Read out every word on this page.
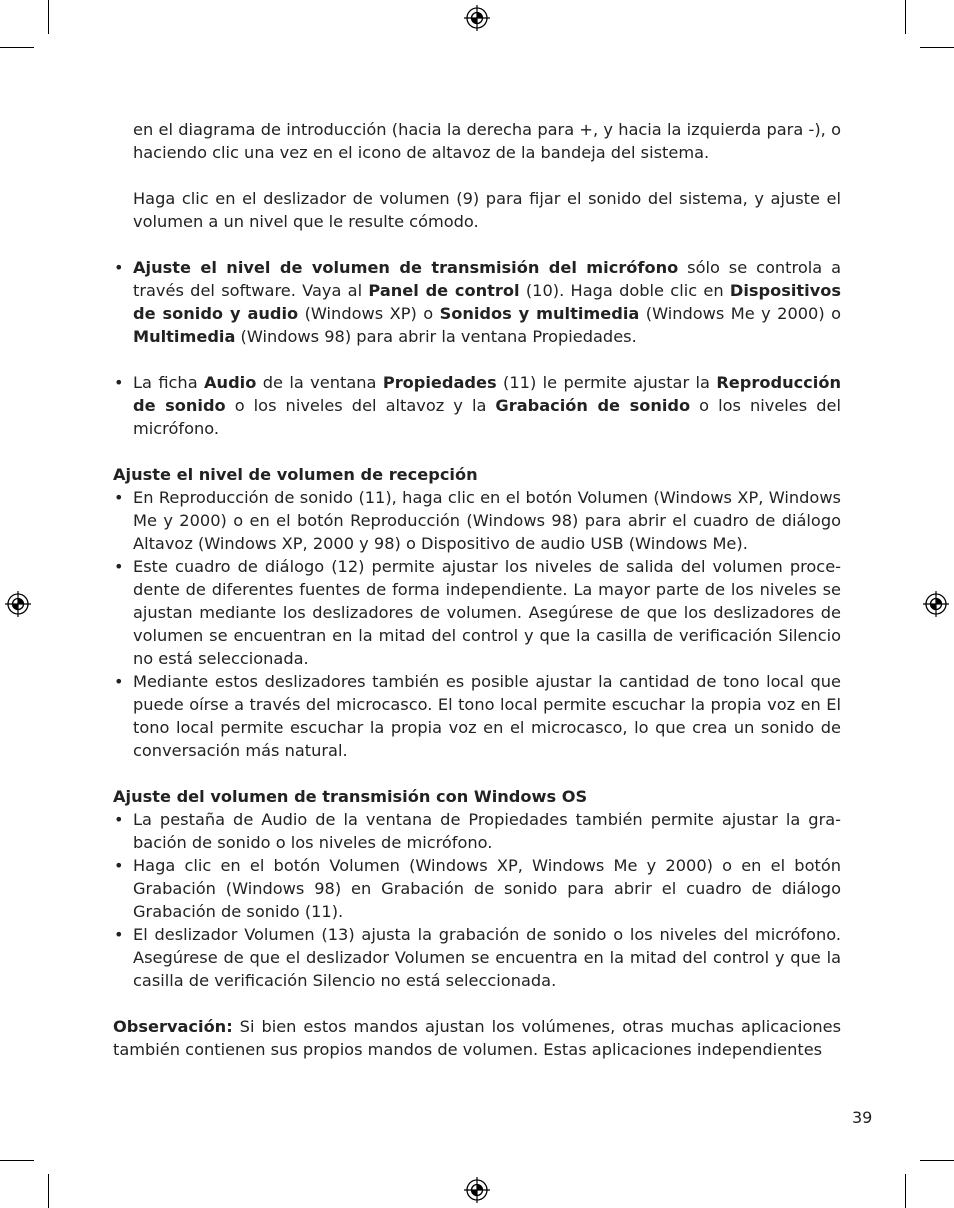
en el diagrama de introducción (hacia la derecha para +, y hacia la izquierda para -), o haciendo clic una vez en el icono de altavoz de la bandeja del sistema.

Haga clic en el deslizador de volumen (9) para fijar el sonido del sistema, y ajuste el volumen a un nivel que le resulte cómodo.

• Ajuste el nivel de volumen de transmisión del micrófono sólo se controla a través del software. Vaya al Panel de control (10). Haga doble clic en Dispositivos de sonido y audio (Windows XP) o Sonidos y multimedia (Windows Me y 2000) o Multimedia (Windows 98) para abrir la ventana Propiedades.

• La ficha Audio de la ventana Propiedades (11) le permite ajustar la Reproducción de sonido o los niveles del altavoz y la Grabación de sonido o los niveles del micrófono.

Ajuste el nivel de volumen de recepción

• En Reproducción de sonido (11), haga clic en el botón Volumen (Windows XP, Windows Me y 2000) o en el botón Reproducción (Windows 98) para abrir el cuadro de diálogo Altavoz (Windows XP, 2000 y 98) o Dispositivo de audio USB (Windows Me).

• Este cuadro de diálogo (12) permite ajustar los niveles de salida del volumen proce-dente de diferentes fuentes de forma independiente. La mayor parte de los niveles se ajustan mediante los deslizadores de volumen. Asegúrese de que los deslizadores de volumen se encuentran en la mitad del control y que la casilla de verificación Silencio no está seleccionada.

• Mediante estos deslizadores también es posible ajustar la cantidad de tono local que puede oírse a través del microcasco. El tono local permite escuchar la propia voz en El tono local permite escuchar la propia voz en el microcasco, lo que crea un sonido de conversación más natural.

Ajuste del volumen de transmisión con Windows OS

• La pestaña de Audio de la ventana de Propiedades también permite ajustar la gra-bación de sonido o los niveles de micrófono.

• Haga clic en el botón Volumen (Windows XP, Windows Me y 2000) o en el botón Grabación (Windows 98) en Grabación de sonido para abrir el cuadro de diálogo Grabación de sonido (11).

• El deslizador Volumen (13) ajusta la grabación de sonido o los niveles del micrófono. Asegúrese de que el deslizador Volumen se encuentra en la mitad del control y que la casilla de verificación Silencio no está seleccionada.

Observación: Si bien estos mandos ajustan los volúmenes, otras muchas aplicaciones también contienen sus propios mandos de volumen. Estas aplicaciones independientes

39
